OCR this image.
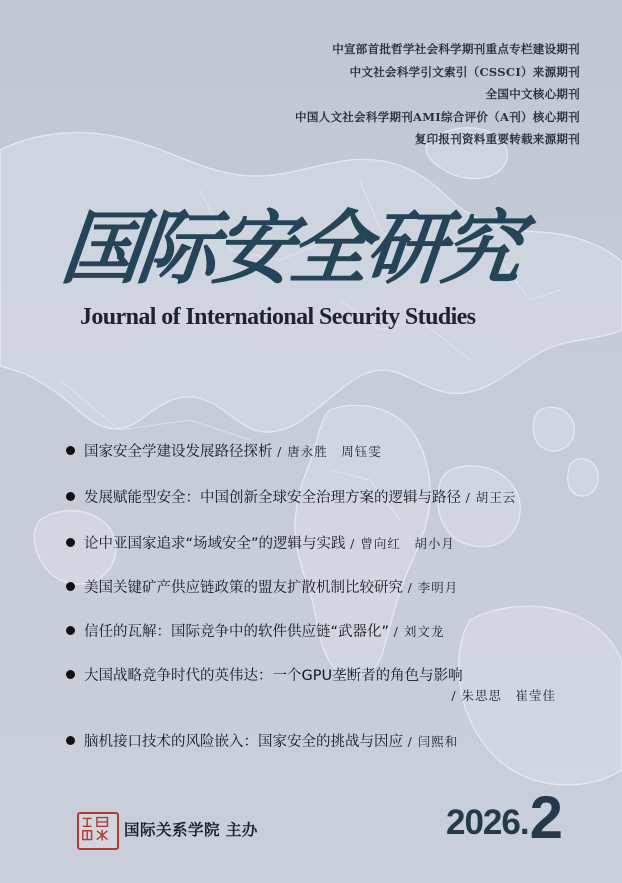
中宣部首批哲学社会科学期刊重点专栏建设期刊
中文社会科学引文索引（CSSCI）来源期刊
全国中文核心期刊
中国人文社会科学期刊AMI综合评价（A刊）核心期刊
复印报刊资料重要转载来源期刊
国际安全研究
Journal of International Security Studies
国家安全学建设发展路径探析 / 唐永胜　周钰雯
发展赋能型安全：中国创新全球安全治理方案的逻辑与路径 / 胡王云
论中亚国家追求“场域安全”的逻辑与实践 / 曾向红　胡小月
美国关键矿产供应链政策的盟友扩散机制比较研究 / 李明月
信任的瓦解：国际竞争中的软件供应链“武器化” / 刘文龙
大国战略竞争时代的英伟达：一个GPU垄断者的角色与影响
/ 朱思思　崔莹佳
脑机接口技术的风险嵌入：国家安全的挑战与因应 / 闫熙和
国际关系学院 主办	2026.2
